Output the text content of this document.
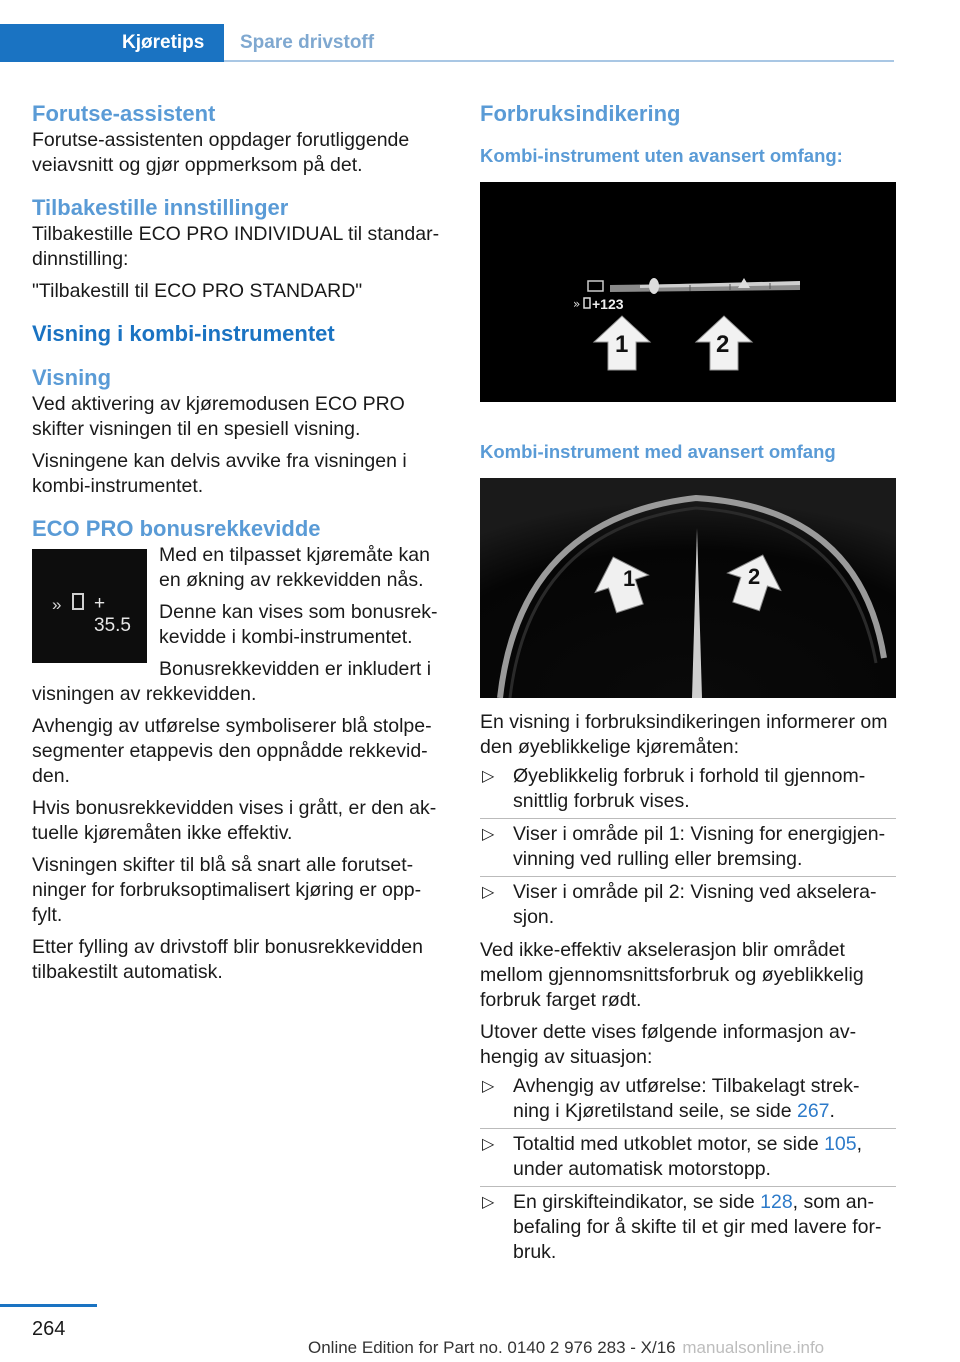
Kjøretips	Spare drivstoff
Forutse-assistent

Forutse-assistenten oppdager forutliggende veiavsnitt og gjør oppmerksom på det.

Tilbakestille innstillinger

Tilbakestille ECO PRO INDIVIDUAL til standar‐dinnstilling:

"Tilbakestill til ECO PRO STANDARD"

Visning i kombi-instrumentet
Visning

Ved aktivering av kjøremodusen ECO PRO skifter visningen til en spesiell visning.

Visningene kan delvis avvike fra visningen i kombi-instrumentet.

ECO PRO bonusrekkevidde
» + 35.5

Med en tilpasset kjøremåte kan en økning av rekkevidden nås.

Denne kan vises som bonusrek‐kevidde i kombi-instrumentet.

Bonusrekkevidden er inkludert i visningen av rekkevidden.

Avhengig av utførelse symboliserer blå stolpe‐segmenter etappevis den oppnådde rekkevid‐den.

Hvis bonusrekkevidden vises i grått, er den ak‐tuelle kjøremåten ikke effektiv.

Visningen skifter til blå så snart alle forutset‐ninger for forbruksoptimalisert kjøring er opp‐fylt.

Etter fylling av drivstoff blir bonusrekkevidden tilbakestilt automatisk.

Forbruksindikering
Kombi-instrument uten avansert omfang:
» +123
1	2
Kombi-instrument med avansert omfang
1	2

En visning i forbruksindikeringen informerer om den øyeblikkelige kjøremåten:

▷ Øyeblikkelig forbruk i forhold til gjennom‐snittlig forbruk vises.
▷ Viser i område pil 1: Visning for energigjen‐vinning ved rulling eller bremsing.
▷ Viser i område pil 2: Visning ved akselera‐sjon.

Ved ikke-effektiv akselerasjon blir området mellom gjennomsnittsforbruk og øyeblikkelig forbruk farget rødt.

Utover dette vises følgende informasjon av‐hengig av situasjon:

▷ Avhengig av utførelse: Tilbakelagt strek‐ning i Kjøretilstand seile, se side 267.
▷ Totaltid med utkoblet motor, se side 105, under automatisk motorstopp.
▷ En girskifteindikator, se side 128, som an‐befaling for å skifte til et gir med lavere for‐bruk.
264
Online Edition for Part no. 0140 2 976 283 - X/16 manualsonline.info
